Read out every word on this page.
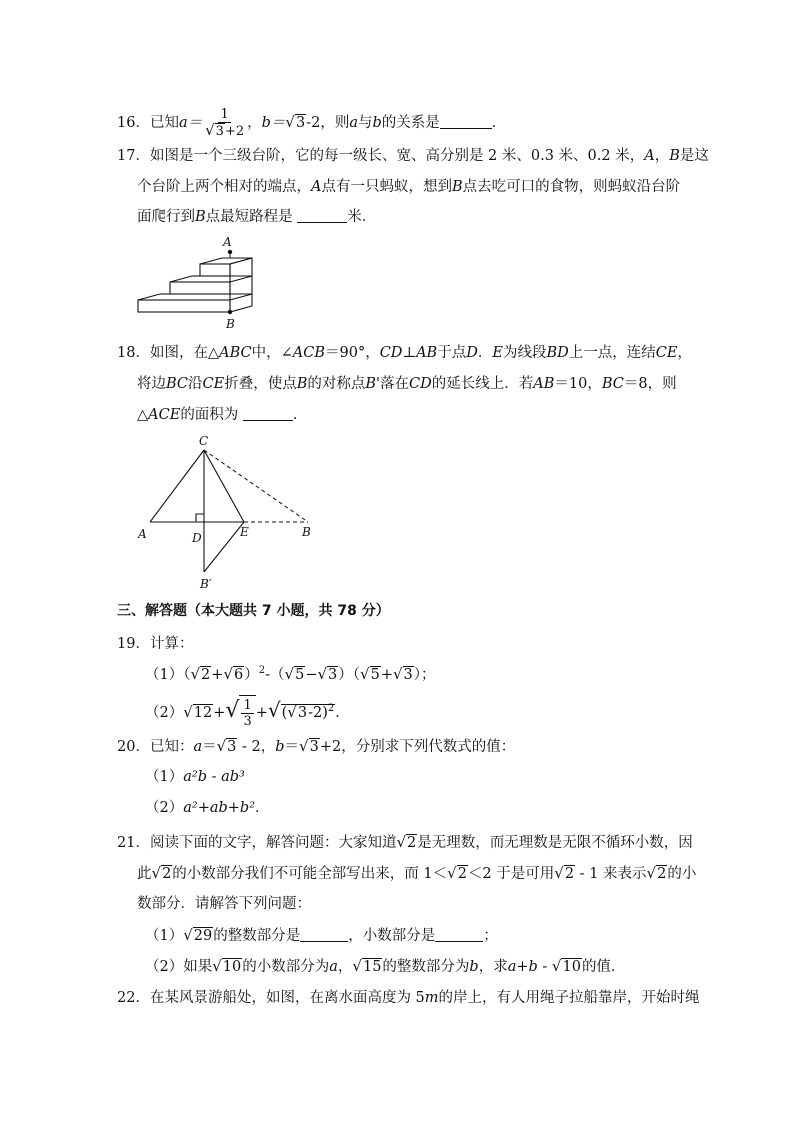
16．已知$a= \frac{1}{√3+2}$ ，b＝√3-2，则a与b的关系是	．
17．如图是一个三级台阶，它的每一级长、宽、高分别是 2 米、0.3 米、0.2 米，A，B是这
个台阶上两个相对的端点，A点有一只蚂蚁，想到B点去吃可口的食物，则蚂蚁沿台阶
面爬行到B点最短路程是	米．
A
B
18．如图，在△ABC中，∠ACB＝90°，CD⊥AB于点D．E为线段BD上一点，连结CE，
将边BC沿CE折叠，使点B的对称点B'落在CD的延长线上．若AB＝10，BC＝8，则
△ACE的面积为	．
C
A	D	E	B
B′
三、解答题（本大题共 7 小题，共 78 分）
19．计算：
$(1)(√2+√6)^2-(√5-√3)(√5+√3)$；
$(2)√12+√ \frac{1}{3} +√(√3-2)^2$．
20．已知：a＝√3 - 2，b＝√3+2，分别求下列代数式的值：
（1）a²b - ab³
（2）a²+ab+b²．
21．阅读下面的文字，解答问题：大家知道√2是无理数，而无理数是无限不循环小数，因
此√2的小数部分我们不可能全部写出来，而 1＜√2＜2 于是可用√2 - 1 来表示√2的小
数部分．请解答下列问题：
（1）√29的整数部分是	，小数部分是	；
（2）如果√10的小数部分为a，√15的整数部分为b，求a+b - √10的值．
22．在某风景游船处，如图，在离水面高度为 5m的岸上，有人用绳子拉船靠岸，开始时绳
